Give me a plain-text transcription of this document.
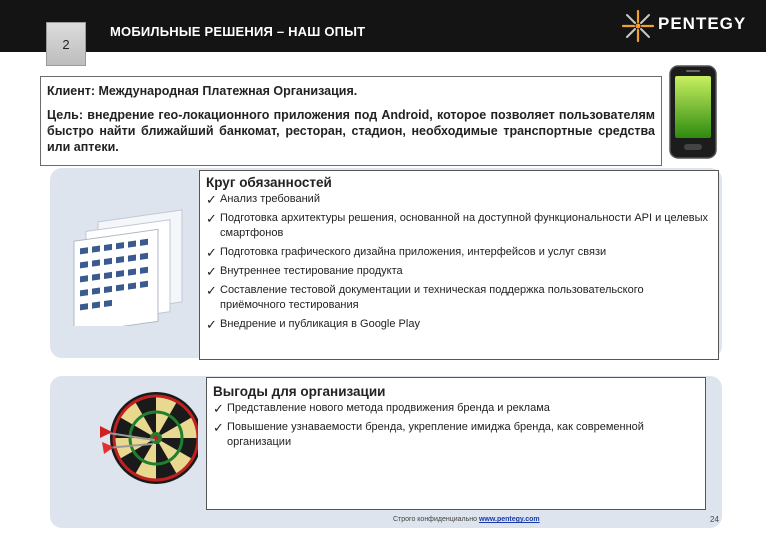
2
МОБИЛЬНЫЕ РЕШЕНИЯ – НАШ ОПЫТ	PENTEGY

Клиент: Международная Платежная Организация.

Цель: внедрение гео-локационного приложения под Android, которое позволяет пользователям быстро найти ближайший банкомат, ресторан, стадион, необходимые транспортные средства или аптеки.

Круг обязанностей
✓ Анализ требований
✓ Подготовка архитектуры решения, основанной на доступной функциональности API и целевых смартфонов
✓ Подготовка графического дизайна приложения, интерфейсов и услуг связи
✓ Внутреннее тестирование продукта
✓ Составление тестовой документации и техническая поддержка пользовательского приёмочного тестирования
✓ Внедрение и публикация в Google Play
Выгоды для организации
✓ Представление нового метода продвижения бренда и реклама
✓ Повышение узнаваемости бренда, укрепление имиджа бренда, как современной организации
Строго конфиденциально www.pentegy.com	24
